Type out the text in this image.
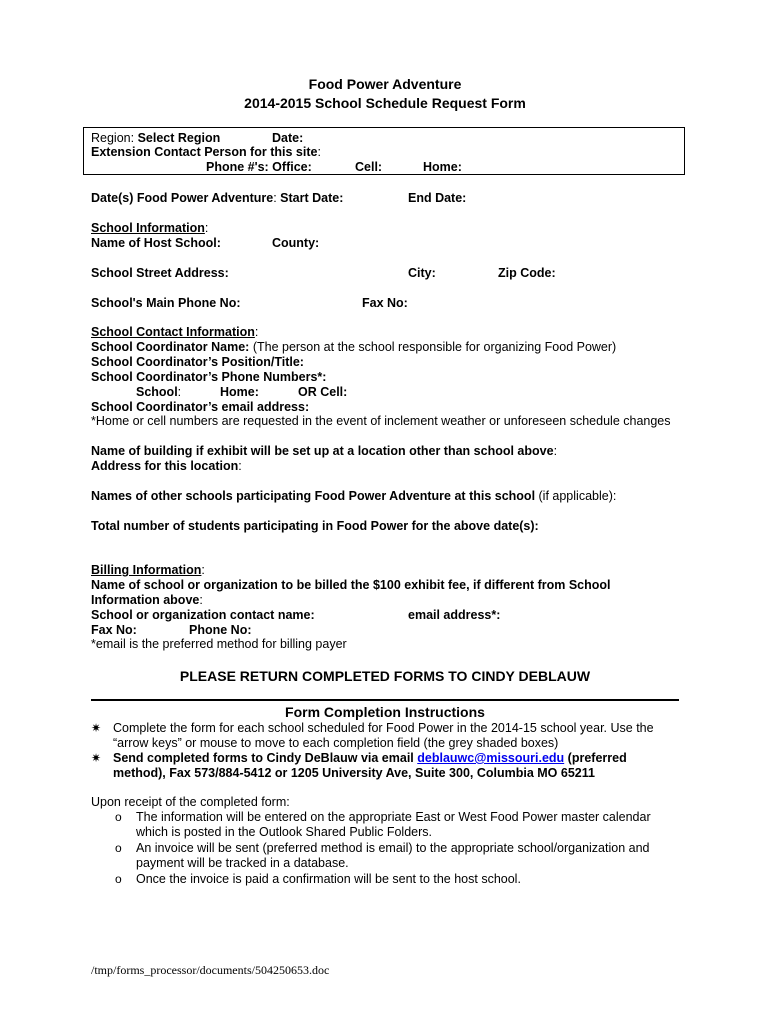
Food Power Adventure
2014-2015 School Schedule Request Form
Region: Select Region	Date:
Extension Contact Person for this site:
Phone #'s: Office:	Cell:	Home:
Date(s) Food Power Adventure: Start Date:	End Date:
School Information:
Name of Host School:	County:
School Street Address:	City:	Zip Code:
School's Main Phone No:	Fax No:
School Contact Information:
School Coordinator Name: (The person at the school responsible for organizing Food Power)
School Coordinator’s Position/Title:
School Coordinator’s Phone Numbers*:
School:	Home:	OR Cell:
School Coordinator’s email address:
*Home or cell numbers are requested in the event of inclement weather or unforeseen schedule changes
Name of building if exhibit will be set up at a location other than school above:
Address for this location:
Names of other schools participating Food Power Adventure at this school (if applicable):
Total number of students participating in Food Power for the above date(s):
Billing Information:
Name of school or organization to be billed the $100 exhibit fee, if different from School
Information above:
School or organization contact name:	email address*:
Fax No:	Phone No:
*email is the preferred method for billing payer
PLEASE RETURN COMPLETED FORMS TO CINDY DEBLAUW
Form Completion Instructions
✷ Complete the form for each school scheduled for Food Power in the 2014-15 school year. Use the
“arrow keys” or mouse to move to each completion field (the grey shaded boxes)
✷ Send completed forms to Cindy DeBlauw via email deblauwc@missouri.edu (preferred
method), Fax 573/884-5412 or 1205 University Ave, Suite 300, Columbia MO 65211
Upon receipt of the completed form:
o The information will be entered on the appropriate East or West Food Power master calendar
which is posted in the Outlook Shared Public Folders.
o An invoice will be sent (preferred method is email) to the appropriate school/organization and
payment will be tracked in a database.
o Once the invoice is paid a confirmation will be sent to the host school.
/tmp/forms_processor/documents/504250653.doc
